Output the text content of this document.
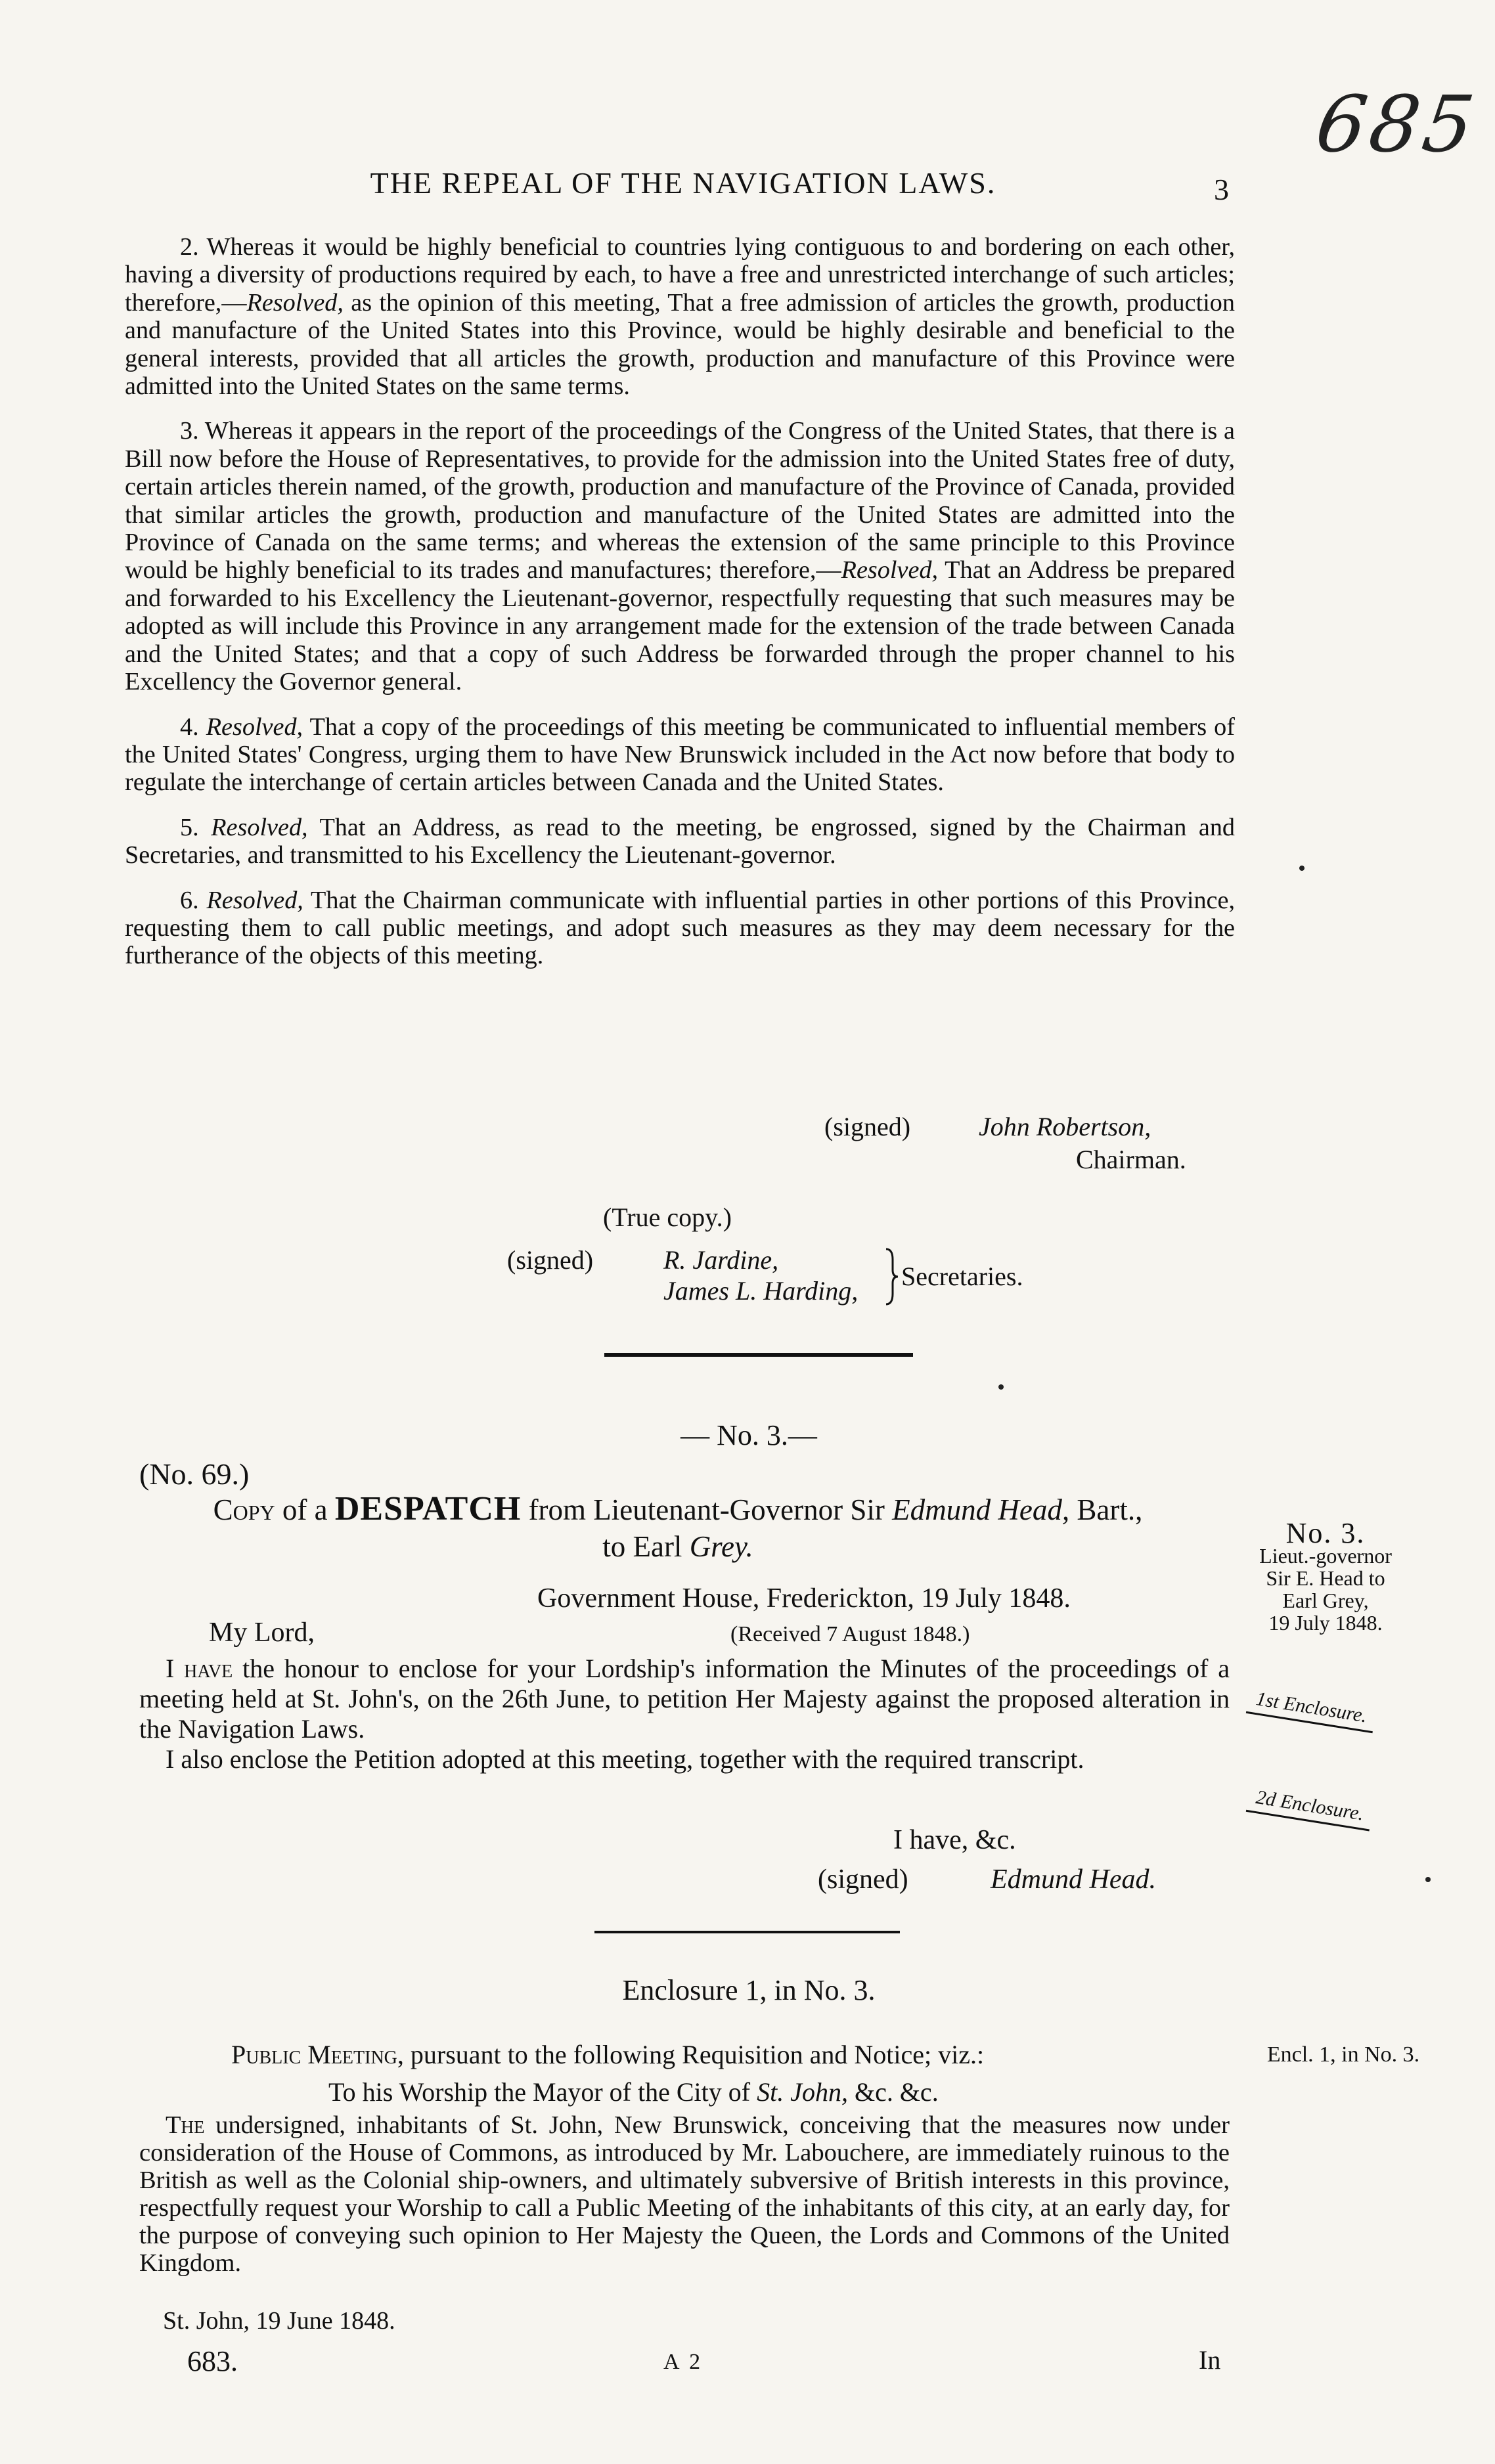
685
THE REPEAL OF THE NAVIGATION LAWS.	3

2. Whereas it would be highly beneficial to countries lying contiguous to and bordering on each other, having a diversity of productions required by each, to have a free and unrestricted interchange of such articles; therefore,—Resolved, as the opinion of this meeting, That a free admission of articles the growth, production and manufacture of the United States into this Province, would be highly desirable and beneficial to the general interests, provided that all articles the growth, production and manufacture of this Province were admitted into the United States on the same terms.

3. Whereas it appears in the report of the proceedings of the Congress of the United States, that there is a Bill now before the House of Representatives, to provide for the admission into the United States free of duty, certain articles therein named, of the growth, production and manufacture of the Province of Canada, provided that similar articles the growth, production and manufacture of the United States are admitted into the Province of Canada on the same terms; and whereas the extension of the same principle to this Province would be highly beneficial to its trades and manufactures; therefore,—Resolved, That an Address be prepared and forwarded to his Excellency the Lieutenant-governor, respectfully requesting that such measures may be adopted as will include this Province in any arrangement made for the extension of the trade between Canada and the United States; and that a copy of such Address be forwarded through the proper channel to his Excellency the Governor general.

4. Resolved, That a copy of the proceedings of this meeting be communicated to influential members of the United States' Congress, urging them to have New Brunswick included in the Act now before that body to regulate the interchange of certain articles between Canada and the United States.

5. Resolved, That an Address, as read to the meeting, be engrossed, signed by the Chairman and Secretaries, and transmitted to his Excellency the Lieutenant-governor.

6. Resolved, That the Chairman communicate with influential parties in other portions of this Province, requesting them to call public meetings, and adopt such measures as they may deem necessary for the furtherance of the objects of this meeting.

(signed)	John Robertson,
Chairman.
(True copy.)
(signed)	R. Jardine,
James L. Harding, Secretaries.
— No. 3.—
(No. 69.)
Copy of a DESPATCH from Lieutenant-Governor Sir Edmund Head, Bart.,
to Earl Grey.
Government House, Frederickton, 19 July 1848.
My Lord,	(Received 7 August 1848.)

I have the honour to enclose for your Lordship's information the Minutes of the proceedings of a meeting held at St. John's, on the 26th June, to petition Her Majesty against the proposed alteration in the Navigation Laws.

I also enclose the Petition adopted at this meeting, together with the required transcript.

I have, &c.
(signed)	Edmund Head.
No. 3.
Lieut.-governor
Sir E. Head to
Earl Grey,
19 July 1848.
1st Enclosure.
2d Enclosure.
Enclosure 1, in No. 3.
Public Meeting, pursuant to the following Requisition and Notice; viz.:	Encl. 1, in No. 3.
To his Worship the Mayor of the City of St. John, &c. &c.

The undersigned, inhabitants of St. John, New Brunswick, conceiving that the measures now under consideration of the House of Commons, as introduced by Mr. Labouchere, are immediately ruinous to the British as well as the Colonial ship-owners, and ultimately subversive of British interests in this province, respectfully request your Worship to call a Public Meeting of the inhabitants of this city, at an early day, for the purpose of conveying such opinion to Her Majesty the Queen, the Lords and Commons of the United Kingdom.

St. John, 19 June 1848.
683.	A 2	In
